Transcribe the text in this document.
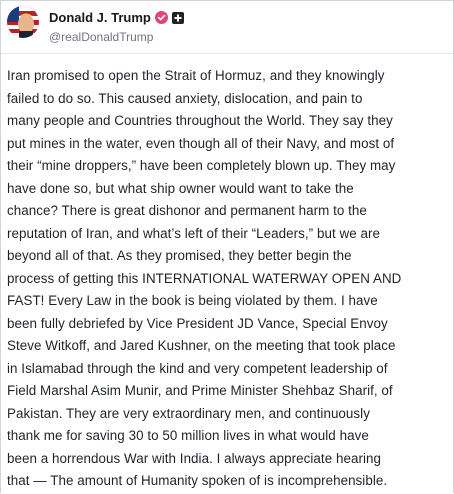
Donald J. Trump
@realDonaldTrump
Iran promised to open the Strait of Hormuz, and they knowingly
failed to do so. This caused anxiety, dislocation, and pain to
many people and Countries throughout the World. They say they
put mines in the water, even though all of their Navy, and most of
their “mine droppers,” have been completely blown up. They may
have done so, but what ship owner would want to take the
chance? There is great dishonor and permanent harm to the
reputation of Iran, and what’s left of their “Leaders,” but we are
beyond all of that. As they promised, they better begin the
process of getting this INTERNATIONAL WATERWAY OPEN AND
FAST! Every Law in the book is being violated by them. I have
been fully debriefed by Vice President JD Vance, Special Envoy
Steve Witkoff, and Jared Kushner, on the meeting that took place
in Islamabad through the kind and very competent leadership of
Field Marshal Asim Munir, and Prime Minister Shehbaz Sharif, of
Pakistan. They are very extraordinary men, and continuously
thank me for saving 30 to 50 million lives in what would have
been a horrendous War with India. I always appreciate hearing
that — The amount of Humanity spoken of is incomprehensible.
